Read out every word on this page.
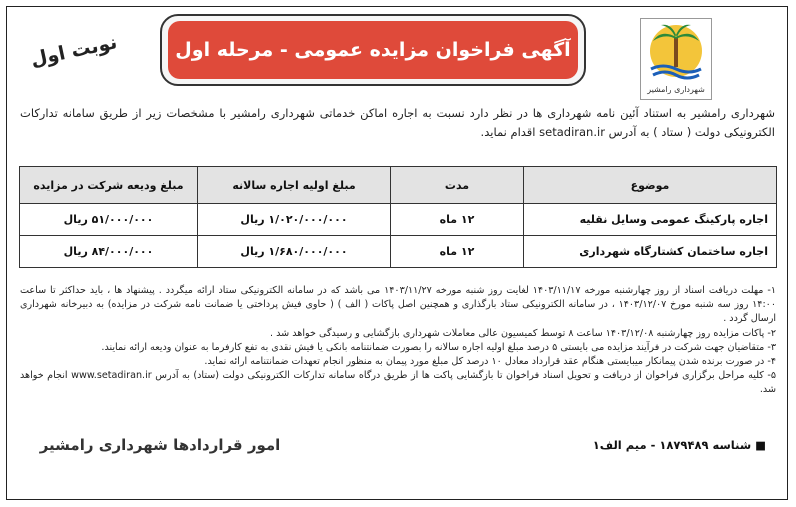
نوبت اول	آگهی فراخوان مزایده عمومی - مرحله اول
شهرداری رامشیر
شهرداری رامشیر به استناد آئین نامه شهرداری ها در نظر دارد نسبت به اجاره اماکن خدماتی شهرداری رامشیر با مشخصات زیر از طریق سامانه تدارکات الکترونیکی دولت ( ستاد ) به آدرس setadiran.ir اقدام نماید.
موضوع	مدت	مبلغ اولیه اجاره سالانه	مبلغ ودیعه شرکت در مزایده
اجاره پارکینگ عمومی وسایل نقلیه	۱۲ ماه	۱/۰۲۰/۰۰۰/۰۰۰ ریال	۵۱/۰۰۰/۰۰۰ ریال
اجاره ساختمان کشتارگاه شهرداری	۱۲ ماه	۱/۶۸۰/۰۰۰/۰۰۰ ریال	۸۴/۰۰۰/۰۰۰ ریال

۱- مهلت دریافت اسناد از روز چهارشنبه مورخه ۱۴۰۳/۱۱/۱۷ لغایت روز شنبه مورخه ۱۴۰۳/۱۱/۲۷ می باشد که در سامانه الکترونیکی ستاد ارائه میگردد . پیشنهاد ها ، باید حداکثر تا ساعت ۱۴:۰۰ روز سه شنبه مورخ ۱۴۰۳/۱۲/۰۷ ، در سامانه الکترونیکی ستاد بارگذاری و همچنین اصل پاکات ( الف ) ( حاوی فیش پرداختی یا ضمانت نامه شرکت در مزایده) به دبیرخانه شهرداری ارسال گردد .

۲- پاکات مزایده روز چهارشنبه ۱۴۰۳/۱۲/۰۸ ساعت ۸ توسط کمیسیون عالی معاملات شهرداری بازگشایی و رسیدگی خواهد شد .

۳- متقاضیان جهت شرکت در فرآیند مزایده می بایستی ۵ درصد مبلغ اولیه اجاره سالانه را بصورت ضمانتنامه بانکی یا فیش نقدی به تفع کارفرما به عنوان ودیعه ارائه نمایند.

۴- در صورت برنده شدن پیمانکار میبایستی هنگام عقد قرارداد معادل ۱۰ درصد کل مبلغ مورد پیمان به منظور انجام تعهدات ضمانتنامه ارائه نماید.

۵- کلیه مراحل برگزاری فراخوان از دریافت و تحویل اسناد فراخوان تا بازگشایی پاکت ها از طریق درگاه سامانه تدارکات الکترونیکی دولت (ستاد) به آدرس www.setadiran.ir انجام خواهد شد.

■ شناسه ۱۸۷۹۴۸۹ - میم الف۱
امور قراردادها شهرداری رامشیر
